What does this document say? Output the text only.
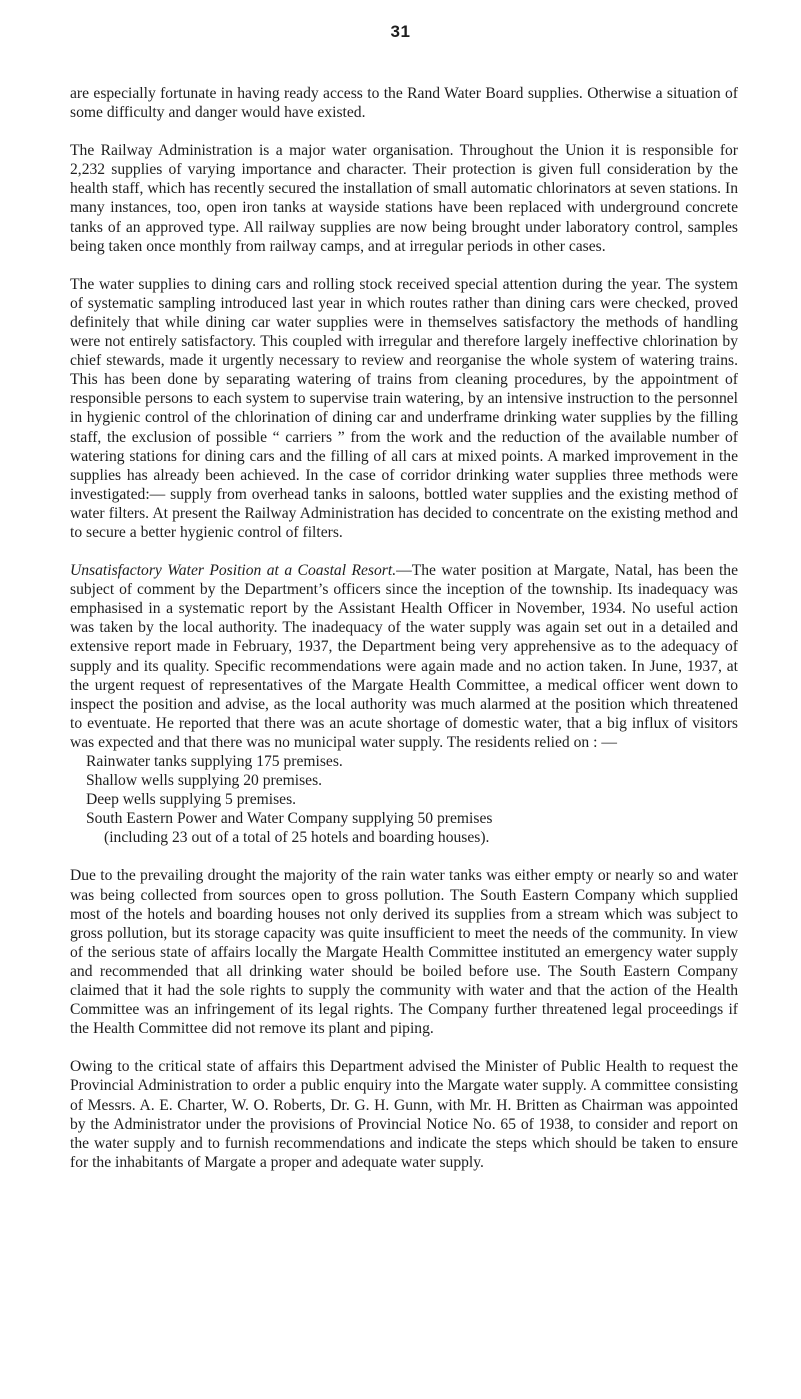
31

are especially fortunate in having ready access to the Rand Water Board supplies. Otherwise a situation of some difficulty and danger would have existed.

The Railway Administration is a major water organisation. Throughout the Union it is responsible for 2,232 supplies of varying importance and character. Their protection is given full consideration by the health staff, which has recently secured the installation of small automatic chlorinators at seven stations. In many instances, too, open iron tanks at wayside stations have been replaced with underground concrete tanks of an approved type. All railway supplies are now being brought under laboratory control, samples being taken once monthly from railway camps, and at irregular periods in other cases.

The water supplies to dining cars and rolling stock received special attention during the year. The system of systematic sampling introduced last year in which routes rather than dining cars were checked, proved definitely that while dining car water supplies were in themselves satisfactory the methods of handling were not entirely satisfactory. This coupled with irregular and therefore largely ineffective chlorination by chief stewards, made it urgently necessary to review and reorganise the whole system of watering trains. This has been done by separating watering of trains from cleaning procedures, by the appointment of responsible persons to each system to supervise train watering, by an intensive instruction to the personnel in hygienic control of the chlorination of dining car and underframe drinking water supplies by the filling staff, the exclusion of possible “ carriers ” from the work and the reduction of the available number of watering stations for dining cars and the filling of all cars at mixed points. A marked improvement in the supplies has already been achieved. In the case of corridor drinking water supplies three methods were investigated:— supply from overhead tanks in saloons, bottled water supplies and the existing method of water filters. At present the Railway Administration has decided to concentrate on the existing method and to secure a better hygienic control of filters.

Unsatisfactory Water Position at a Coastal Resort.—The water position at Margate, Natal, has been the subject of comment by the Department’s officers since the inception of the township. Its inadequacy was emphasised in a systematic report by the Assistant Health Officer in November, 1934. No useful action was taken by the local authority. The inadequacy of the water supply was again set out in a detailed and extensive report made in February, 1937, the Department being very apprehensive as to the adequacy of supply and its quality. Specific recommendations were again made and no action taken. In June, 1937, at the urgent request of representatives of the Margate Health Committee, a medical officer went down to inspect the position and advise, as the local authority was much alarmed at the position which threatened to eventuate. He reported that there was an acute shortage of domestic water, that a big influx of visitors was expected and that there was no municipal water supply. The residents relied on : —

Rainwater tanks supplying 175 premises.
Shallow wells supplying 20 premises.
Deep wells supplying 5 premises.
South Eastern Power and Water Company supplying 50 premises
(including 23 out of a total of 25 hotels and boarding houses).

Due to the prevailing drought the majority of the rain water tanks was either empty or nearly so and water was being collected from sources open to gross pollution. The South Eastern Company which supplied most of the hotels and boarding houses not only derived its supplies from a stream which was subject to gross pollution, but its storage capacity was quite insufficient to meet the needs of the community. In view of the serious state of affairs locally the Margate Health Committee instituted an emergency water supply and recommended that all drinking water should be boiled before use. The South Eastern Company claimed that it had the sole rights to supply the community with water and that the action of the Health Committee was an infringement of its legal rights. The Company further threatened legal proceedings if the Health Committee did not remove its plant and piping.

Owing to the critical state of affairs this Department advised the Minister of Public Health to request the Provincial Administration to order a public enquiry into the Margate water supply. A committee consisting of Messrs. A. E. Charter, W. O. Roberts, Dr. G. H. Gunn, with Mr. H. Britten as Chairman was appointed by the Administrator under the provisions of Provincial Notice No. 65 of 1938, to consider and report on the water supply and to furnish recommendations and indicate the steps which should be taken to ensure for the inhabitants of Margate a proper and adequate water supply.
